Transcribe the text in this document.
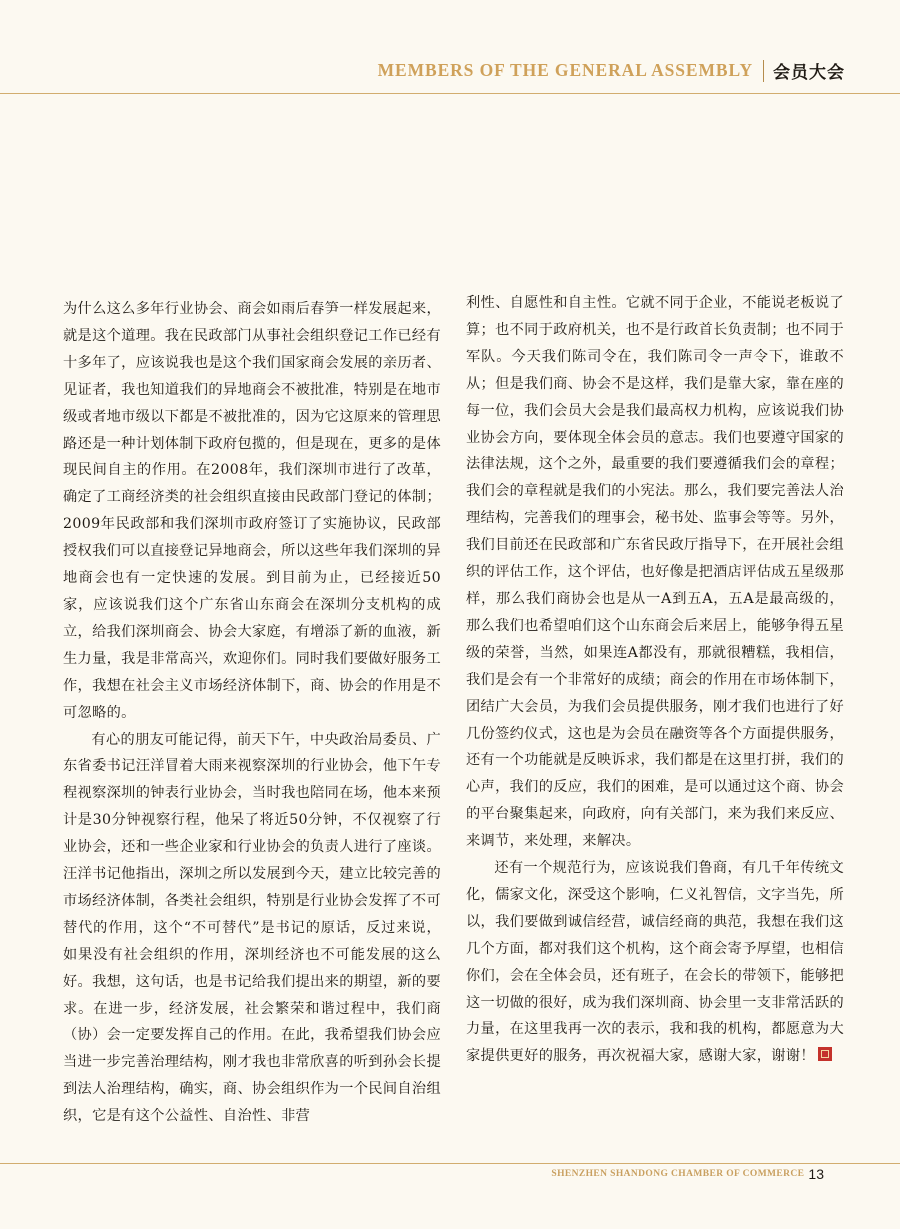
MEMBERS OF THE GENERAL ASSEMBLY 会员大会

为什么这么多年行业协会、商会如雨后春笋一样发展起来，就是这个道理。我在民政部门从事社会组织登记工作已经有十多年了，应该说我也是这个我们国家商会发展的亲历者、见证者，我也知道我们的异地商会不被批准，特别是在地市级或者地市级以下都是不被批准的，因为它这原来的管理思路还是一种计划体制下政府包揽的，但是现在，更多的是体现民间自主的作用。在2008年，我们深圳市进行了改革，确定了工商经济类的社会组织直接由民政部门登记的体制；2009年民政部和我们深圳市政府签订了实施协议，民政部授权我们可以直接登记异地商会，所以这些年我们深圳的异地商会也有一定快速的发展。到目前为止，已经接近50家，应该说我们这个广东省山东商会在深圳分支机构的成立，给我们深圳商会、协会大家庭，有增添了新的血液，新生力量，我是非常高兴，欢迎你们。同时我们要做好服务工作，我想在社会主义市场经济体制下，商、协会的作用是不可忽略的。

有心的朋友可能记得，前天下午，中央政治局委员、广东省委书记汪洋冒着大雨来视察深圳的行业协会，他下午专程视察深圳的钟表行业协会，当时我也陪同在场，他本来预计是30分钟视察行程，他呆了将近50分钟，不仅视察了行业协会，还和一些企业家和行业协会的负责人进行了座谈。汪洋书记他指出，深圳之所以发展到今天，建立比较完善的市场经济体制，各类社会组织，特别是行业协会发挥了不可替代的作用，这个“不可替代”是书记的原话，反过来说，如果没有社会组织的作用，深圳经济也不可能发展的这么好。我想，这句话，也是书记给我们提出来的期望，新的要求。在进一步，经济发展，社会繁荣和谐过程中，我们商（协）会一定要发挥自己的作用。在此，我希望我们协会应当进一步完善治理结构，刚才我也非常欣喜的听到孙会长提到法人治理结构，确实，商、协会组织作为一个民间自治组织，它是有这个公益性、自治性、非营

利性、自愿性和自主性。它就不同于企业，不能说老板说了算；也不同于政府机关，也不是行政首长负责制；也不同于军队。今天我们陈司令在，我们陈司令一声令下，谁敢不从；但是我们商、协会不是这样，我们是靠大家，靠在座的每一位，我们会员大会是我们最高权力机构，应该说我们协业协会方向，要体现全体会员的意志。我们也要遵守国家的法律法规，这个之外，最重要的我们要遵循我们会的章程；我们会的章程就是我们的小宪法。那么，我们要完善法人治理结构，完善我们的理事会，秘书处、监事会等等。另外，我们目前还在民政部和广东省民政厅指导下，在开展社会组织的评估工作，这个评估，也好像是把酒店评估成五星级那样，那么我们商协会也是从一A到五A，五A是最高级的，那么我们也希望咱们这个山东商会后来居上，能够争得五星级的荣誉，当然，如果连A都没有，那就很糟糕，我相信，我们是会有一个非常好的成绩；商会的作用在市场体制下，团结广大会员，为我们会员提供服务，刚才我们也进行了好几份签约仪式，这也是为会员在融资等各个方面提供服务，还有一个功能就是反映诉求，我们都是在这里打拼，我们的心声，我们的反应，我们的困难，是可以通过这个商、协会的平台聚集起来，向政府，向有关部门，来为我们来反应、来调节，来处理，来解决。

还有一个规范行为，应该说我们鲁商，有几千年传统文化，儒家文化，深受这个影响，仁义礼智信，文字当先，所以，我们要做到诚信经营，诚信经商的典范，我想在我们这几个方面，都对我们这个机构，这个商会寄予厚望，也相信你们，会在全体会员，还有班子，在会长的带领下，能够把这一切做的很好，成为我们深圳商、协会里一支非常活跃的力量，在这里我再一次的表示，我和我的机构，都愿意为大家提供更好的服务，再次祝福大家，感谢大家，谢谢！

SHENZHEN SHANDONG CHAMBER OF COMMERCE 13
